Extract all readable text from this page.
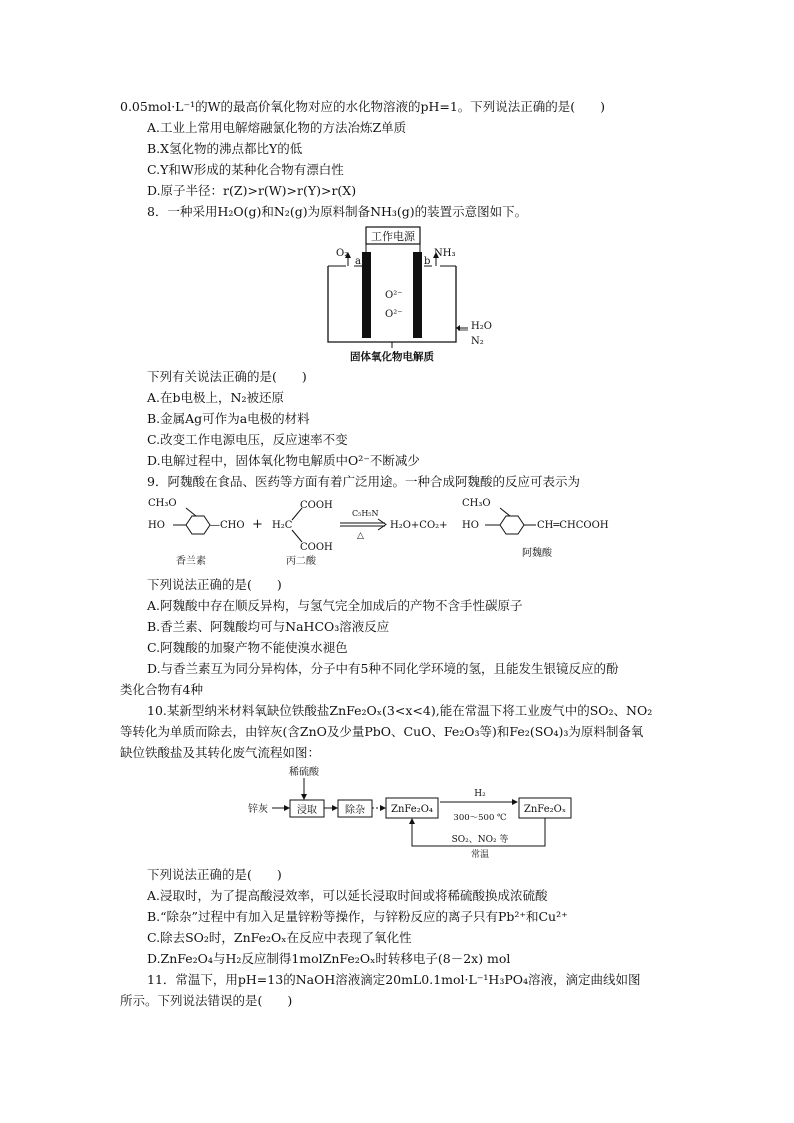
0.05mol·L⁻¹的W的最高价氧化物对应的水化物溶液的pH=1。下列说法正确的是(　　)
A.工业上常用电解熔融氯化物的方法冶炼Z单质
B.X氢化物的沸点都比Y的低
C.Y和W形成的某种化合物有漂白性
D.原子半径：r(Z)>r(W)>r(Y)>r(X)
8．一种采用H₂O(g)和N₂(g)为原料制备NH₃(g)的装置示意图如下。
工作电源
O₂	NH₃
a	b
O²⁻
O²⁻
H₂O
N₂
固体氧化物电解质
下列有关说法正确的是(　　)
A.在b电极上，N₂被还原
B.金属Ag可作为a电极的材料
C.改变工作电源电压，反应速率不变
D.电解过程中，固体氧化物电解质中O²⁻不断减少
9．阿魏酸在食品、医药等方面有着广泛用途。一种合成阿魏酸的反应可表示为
CH₃O
HO	—CHO + H₂C
COOH
COOH
C₅H₅N
△
H₂O+CO₂+
CH₃O
HO	CH═CHCOOH
香兰素	丙二酸
阿魏酸
下列说法正确的是(　　)
A.阿魏酸中存在顺反异构，与氢气完全加成后的产物不含手性碳原子
B.香兰素、阿魏酸均可与NaHCO₃溶液反应
C.阿魏酸的加聚产物不能使溴水褪色
D.与香兰素互为同分异构体，分子中有5种不同化学环境的氢，且能发生银镜反应的酚
类化合物有4种
10.某新型纳米材料氧缺位铁酸盐ZnFe₂Oₓ(3<x<4),能在常温下将工业废气中的SO₂、NO₂
等转化为单质而除去，由锌灰(含ZnO及少量PbO、CuO、Fe₂O₃等)和Fe₂(SO₄)₃为原料制备氧
缺位铁酸盐及其转化废气流程如图：
稀硫酸
锌灰	浸取	除杂	ZnFe₂O₄
H₂
300～500 ℃
ZnFe₂Oₓ
SO₂、NO₂ 等
常温
下列说法正确的是(　　)
A.浸取时，为了提高酸浸效率，可以延长浸取时间或将稀硫酸换成浓硫酸
B.“除杂”过程中有加入足量锌粉等操作，与锌粉反应的离子只有Pb²⁺和Cu²⁺
C.除去SO₂时，ZnFe₂Oₓ在反应中表现了氧化性
D.ZnFe₂O₄与H₂反应制得1molZnFe₂Oₓ时转移电子(8－2x) mol
11．常温下，用pH=13的NaOH溶液滴定20mL0.1mol·L⁻¹H₃PO₄溶液，滴定曲线如图
所示。下列说法错误的是(　　)
